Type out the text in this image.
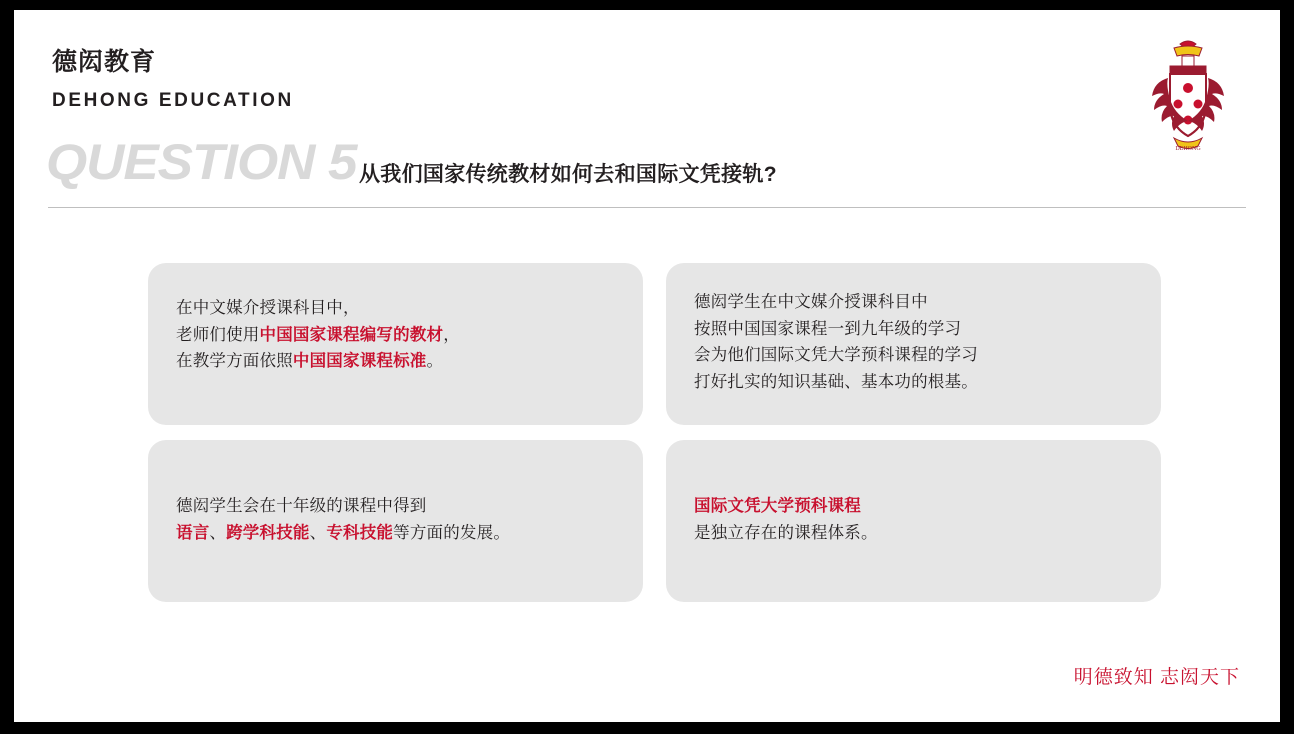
德闳教育
DEHONG EDUCATION
QUESTION 5 从我们国家传统教材如何去和国际文凭接轨?
DEHONG
在中文媒介授课科目中，
老师们使用中国国家课程编写的教材，
在教学方面依照中国国家课程标准。
德闳学生在中文媒介授课科目中
按照中国国家课程一到九年级的学习
会为他们国际文凭大学预科课程的学习
打好扎实的知识基础、基本功的根基。
德闳学生会在十年级的课程中得到
语言、跨学科技能、专科技能等方面的发展。
国际文凭大学预科课程
是独立存在的课程体系。
明德致知 志闳天下
